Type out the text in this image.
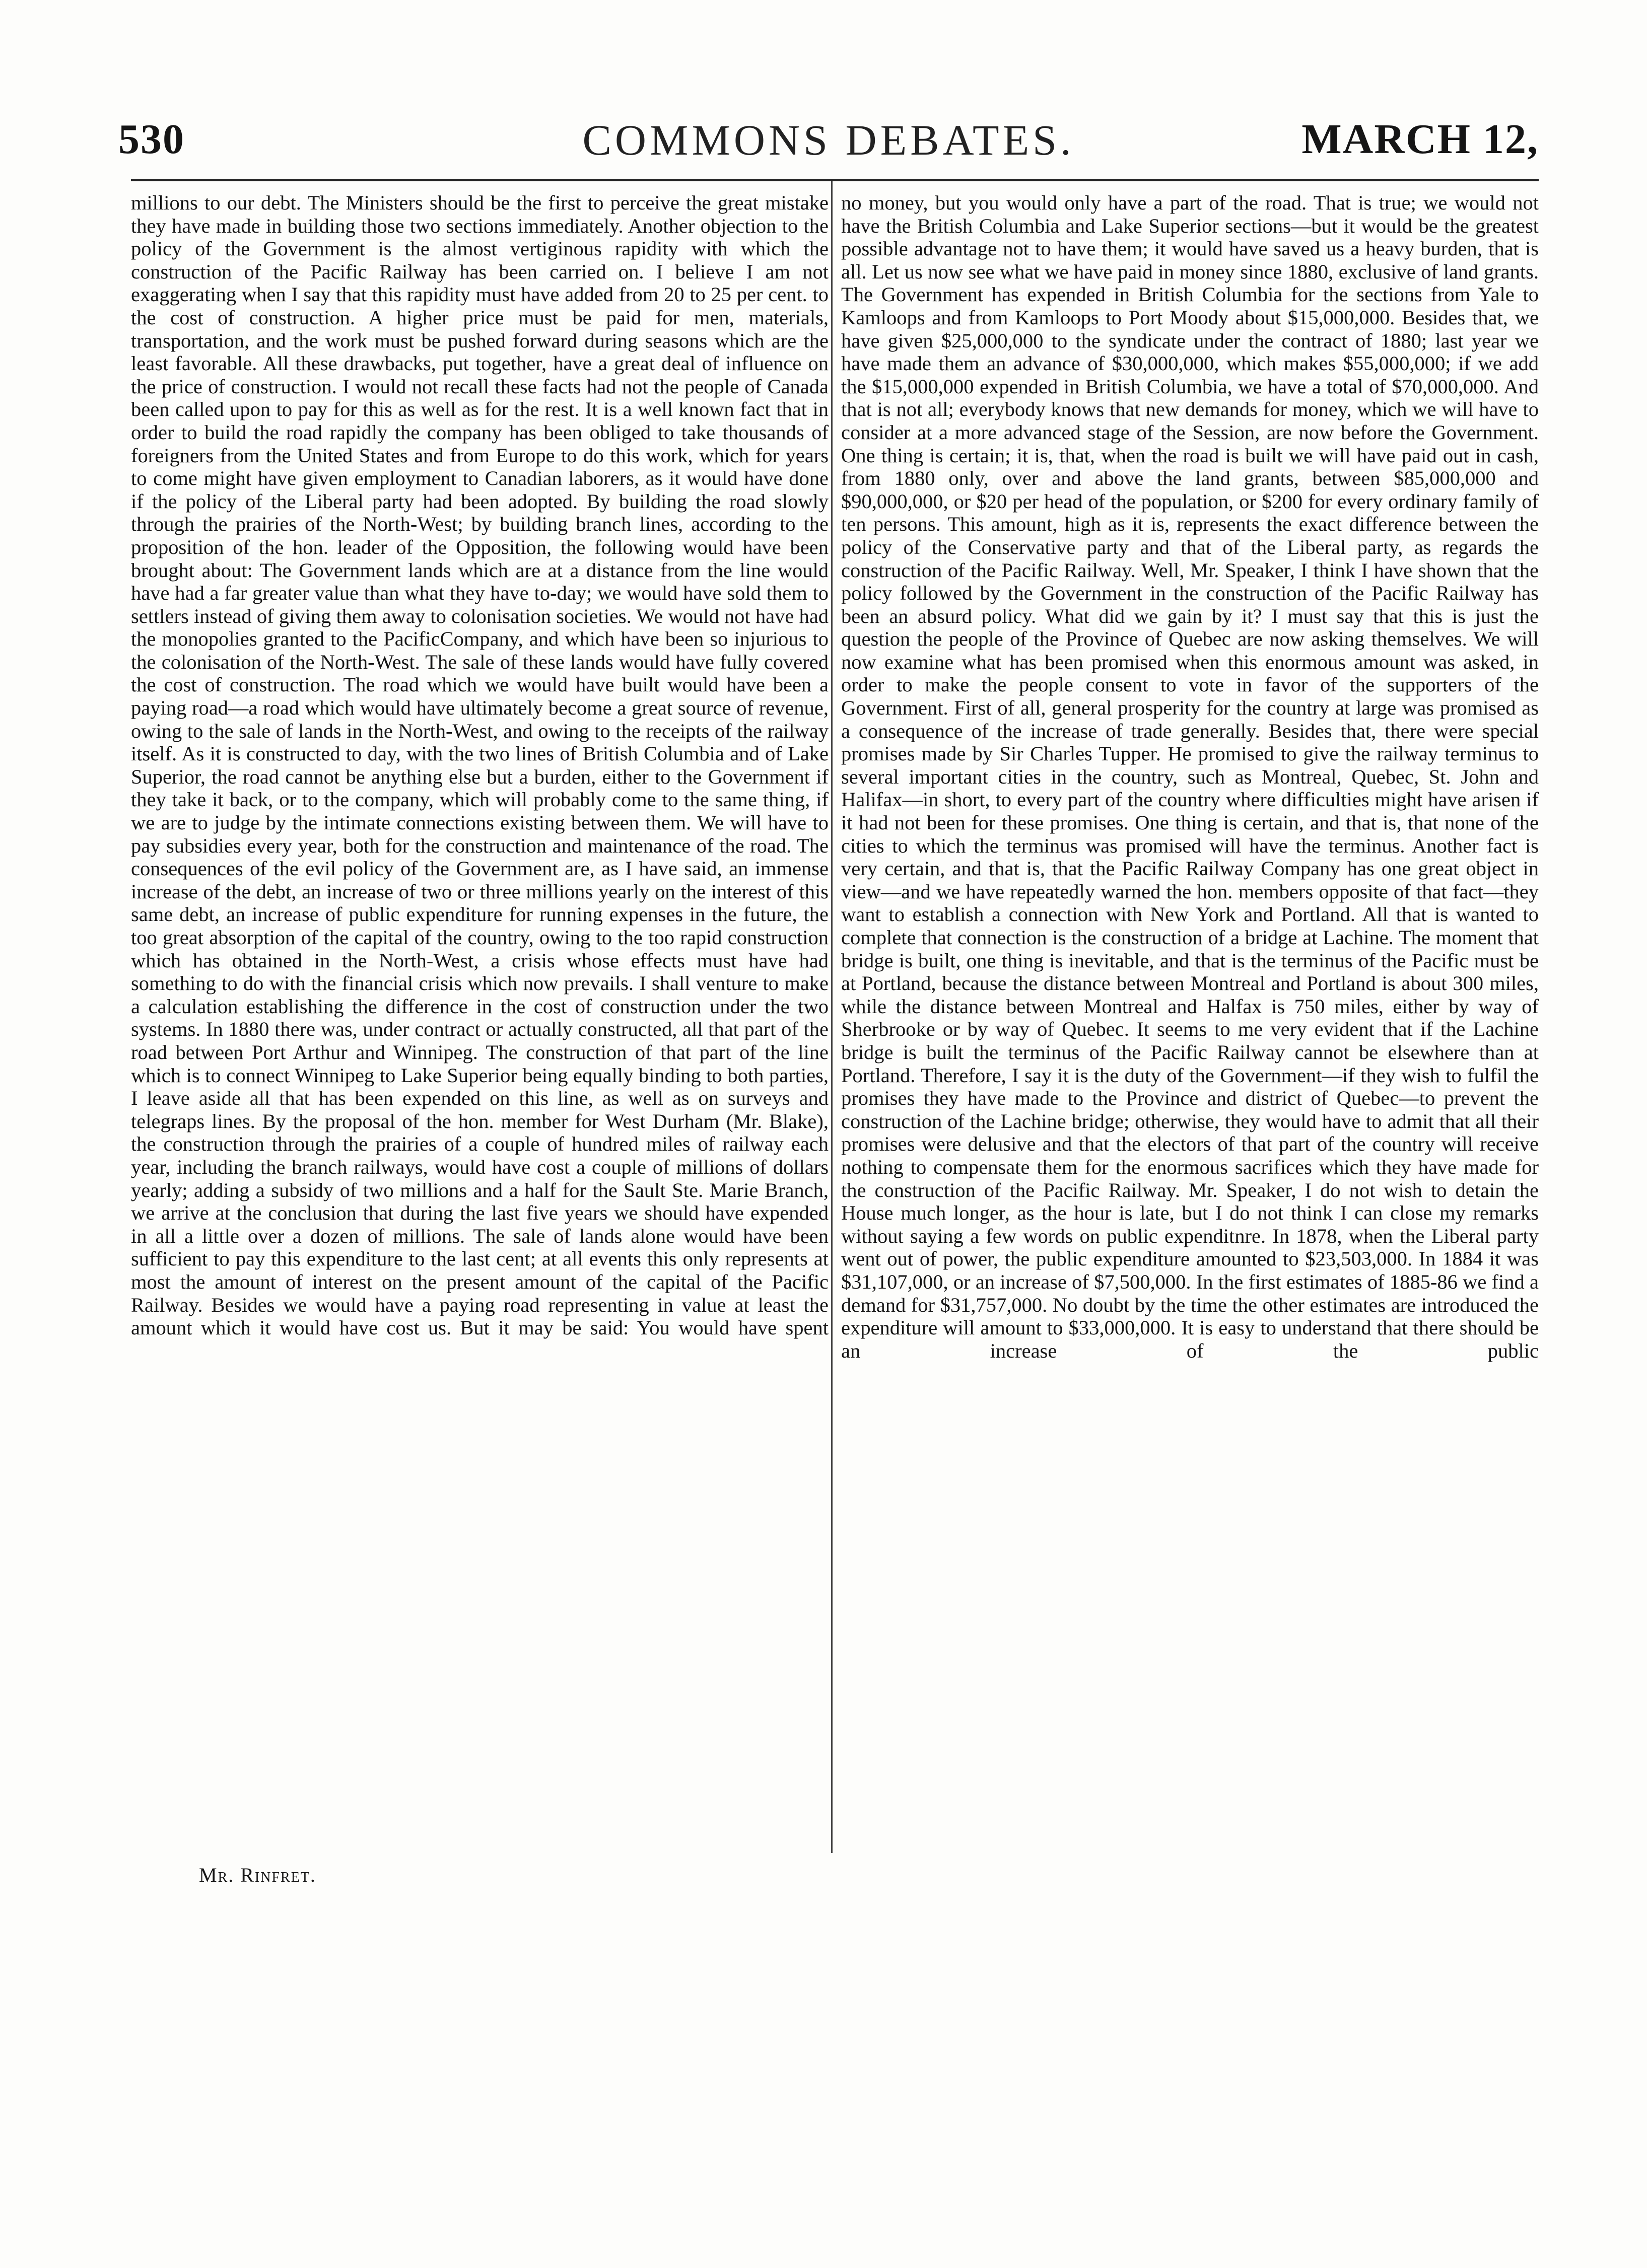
530	COMMONS DEBATES.	MARCH 12,

millions to our debt. The Ministers should be the first to perceive the great mistake they have made in building those two sections immediately. Another objection to the policy of the Government is the almost vertiginous rapidity with which the construction of the Pacific Railway has been carried on. I believe I am not exaggerating when I say that this rapidity must have added from 20 to 25 per cent. to the cost of construction. A higher price must be paid for men, materials, transportation, and the work must be pushed forward during seasons which are the least favorable. All these drawbacks, put together, have a great deal of influence on the price of construction. I would not recall these facts had not the people of Canada been called upon to pay for this as well as for the rest. It is a well known fact that in order to build the road rapidly the company has been obliged to take thousands of foreigners from the United States and from Europe to do this work, which for years to come might have given employment to Canadian laborers, as it would have done if the policy of the Liberal party had been adopted. By building the road slowly through the prairies of the North-West; by building branch lines, according to the proposition of the hon. leader of the Opposition, the following would have been brought about: The Government lands which are at a distance from the line would have had a far greater value than what they have to-day; we would have sold them to settlers instead of giving them away to colonisation societies. We would not have had the monopolies granted to the PacificCompany, and which have been so injurious to the colonisation of the North-West. The sale of these lands would have fully covered the cost of construction. The road which we would have built would have been a paying road—a road which would have ultimately become a great source of revenue, owing to the sale of lands in the North-West, and owing to the receipts of the railway itself. As it is constructed to day, with the two lines of British Columbia and of Lake Superior, the road cannot be anything else but a burden, either to the Government if they take it back, or to the company, which will probably come to the same thing, if we are to judge by the intimate connections existing between them. We will have to pay subsidies every year, both for the construction and maintenance of the road. The consequences of the evil policy of the Government are, as I have said, an immense increase of the debt, an increase of two or three millions yearly on the interest of this same debt, an increase of public expenditure for running expenses in the future, the too great absorption of the capital of the country, owing to the too rapid construction which has obtained in the North-West, a crisis whose effects must have had something to do with the financial crisis which now prevails. I shall venture to make a calculation establishing the difference in the cost of construction under the two systems. In 1880 there was, under contract or actually constructed, all that part of the road between Port Arthur and Winnipeg. The construction of that part of the line which is to connect Winnipeg to Lake Superior being equally binding to both parties, I leave aside all that has been expended on this line, as well as on surveys and telegraps lines. By the proposal of the hon. member for West Durham (Mr. Blake), the construction through the prairies of a couple of hundred miles of railway each year, including the branch railways, would have cost a couple of millions of dollars yearly; adding a subsidy of two millions and a half for the Sault Ste. Marie Branch, we arrive at the conclusion that during the last five years we should have expended in all a little over a dozen of millions. The sale of lands alone would have been sufficient to pay this expenditure to the last cent; at all events this only represents at most the amount of interest on the present amount of the capital of the Pacific Railway. Besides we would have a paying road representing in value at least the amount which it would have cost us. But it may be said: You would have spent

no money, but you would only have a part of the road. That is true; we would not have the British Columbia and Lake Superior sections—but it would be the greatest possible advantage not to have them; it would have saved us a heavy burden, that is all. Let us now see what we have paid in money since 1880, exclusive of land grants. The Government has expended in British Columbia for the sections from Yale to Kamloops and from Kamloops to Port Moody about $15,000,000. Besides that, we have given $25,000,000 to the syndicate under the contract of 1880; last year we have made them an advance of $30,000,000, which makes $55,000,000; if we add the $15,000,000 expended in British Columbia, we have a total of $70,000,000. And that is not all; everybody knows that new demands for money, which we will have to consider at a more advanced stage of the Session, are now before the Government. One thing is certain; it is, that, when the road is built we will have paid out in cash, from 1880 only, over and above the land grants, between $85,000,000 and $90,000,000, or $20 per head of the population, or $200 for every ordinary family of ten persons. This amount, high as it is, represents the exact difference between the policy of the Conservative party and that of the Liberal party, as regards the construction of the Pacific Railway. Well, Mr. Speaker, I think I have shown that the policy followed by the Government in the construction of the Pacific Railway has been an absurd policy. What did we gain by it? I must say that this is just the question the people of the Province of Quebec are now asking themselves. We will now examine what has been promised when this enormous amount was asked, in order to make the people consent to vote in favor of the supporters of the Government. First of all, general prosperity for the country at large was promised as a consequence of the increase of trade generally. Besides that, there were special promises made by Sir Charles Tupper. He promised to give the railway terminus to several important cities in the country, such as Montreal, Quebec, St. John and Halifax—in short, to every part of the country where difficulties might have arisen if it had not been for these promises. One thing is certain, and that is, that none of the cities to which the terminus was promised will have the terminus. Another fact is very certain, and that is, that the Pacific Railway Company has one great object in view—and we have repeatedly warned the hon. members opposite of that fact—they want to establish a connection with New York and Portland. All that is wanted to complete that connection is the construction of a bridge at Lachine. The moment that bridge is built, one thing is inevitable, and that is the terminus of the Pacific must be at Portland, because the distance between Montreal and Portland is about 300 miles, while the distance between Montreal and Halfax is 750 miles, either by way of Sherbrooke or by way of Quebec. It seems to me very evident that if the Lachine bridge is built the terminus of the Pacific Railway cannot be elsewhere than at Portland. Therefore, I say it is the duty of the Government—if they wish to fulfil the promises they have made to the Province and district of Quebec—to prevent the construction of the Lachine bridge; otherwise, they would have to admit that all their promises were delusive and that the electors of that part of the country will receive nothing to compensate them for the enormous sacrifices which they have made for the construction of the Pacific Railway. Mr. Speaker, I do not wish to detain the House much longer, as the hour is late, but I do not think I can close my remarks without saying a few words on public expenditnre. In 1878, when the Liberal party went out of power, the public expenditure amounted to $23,503,000. In 1884 it was $31,107,000, or an increase of $7,500,000. In the first estimates of 1885-86 we find a demand for $31,757,000. No doubt by the time the other estimates are introduced the expenditure will amount to $33,000,000. It is easy to understand that there should be an increase of the public

Mr. Rinfret.
